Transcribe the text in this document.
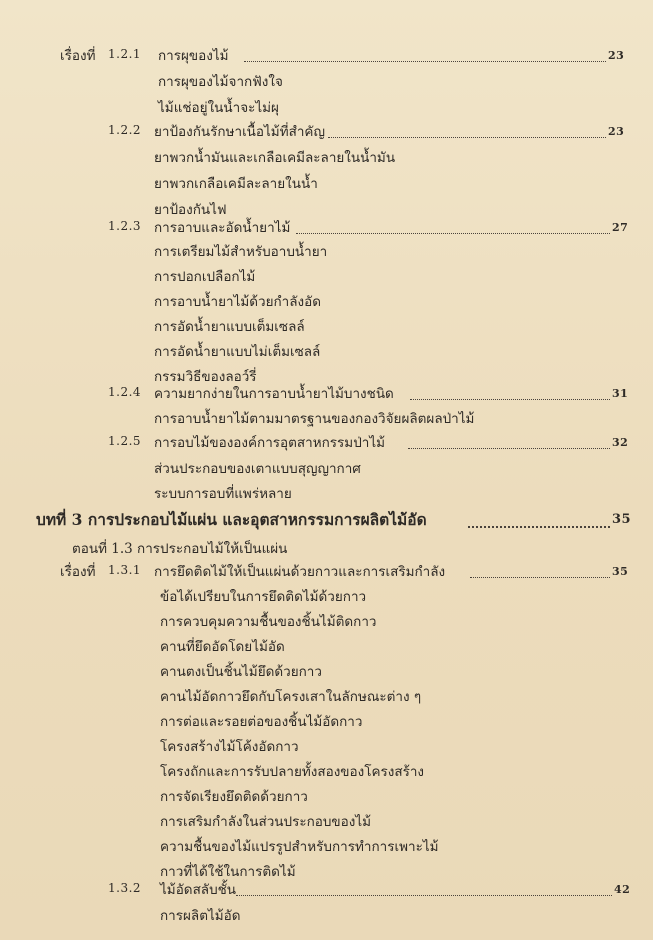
เรื่องที่ 1.2.1 การผุของไม้	23
การผุของไม้จากฟังใจ
ไม้แช่อยู่ในน้ำจะไม่ผุ
1.2.2 ยาป้องกันรักษาเนื้อไม้ที่สำคัญ	23
ยาพวกน้ำมันและเกลือเคมีละลายในน้ำมัน
ยาพวกเกลือเคมีละลายในน้ำ
ยาป้องกันไฟ
1.2.3 การอาบและอัดน้ำยาไม้	27
การเตรียมไม้สำหรับอาบน้ำยา
การปอกเปลือกไม้
การอาบน้ำยาไม้ด้วยกำลังอัด
การอัดน้ำยาแบบเต็มเซลล์
การอัดน้ำยาแบบไม่เต็มเซลล์
กรรมวิธีของลอว์รี่
1.2.4 ความยากง่ายในการอาบน้ำยาไม้บางชนิด	31
การอาบน้ำยาไม้ตามมาตรฐานของกองวิจัยผลิตผลป่าไม้
1.2.5 การอบไม้ขององค์การอุตสาหกรรมป่าไม้	32
ส่วนประกอบของเตาแบบสุญญากาศ
ระบบการอบที่แพร่หลาย
บทที่ 3 การประกอบไม้แผ่น และอุตสาหกรรมการผลิตไม้อัด	35
ตอนที่ 1.3 การประกอบไม้ให้เป็นแผ่น
เรื่องที่ 1.3.1 การยึดติดไม้ให้เป็นแผ่นด้วยกาวและการเสริมกำลัง	35
ข้อได้เปรียบในการยึดติดไม้ด้วยกาว
การควบคุมความชื้นของชิ้นไม้ติดกาว
คานที่ยึดอัดโดยไม้อัด
คานตงเป็นชิ้นไม้ยึดด้วยกาว
คานไม้อัดกาวยึดกับโครงเสาในลักษณะต่าง ๆ
การต่อและรอยต่อของชิ้นไม้อัดกาว
โครงสร้างไม้โค้งอัดกาว
โครงถักและการรับปลายทั้งสองของโครงสร้าง
การจัดเรียงยึดติดด้วยกาว
การเสริมกำลังในส่วนประกอบของไม้
ความชื้นของไม้แปรรูปสำหรับการทำการเพาะไม้
กาวที่ได้ใช้ในการติดไม้
1.3.2 ไม้อัดสลับชั้น	42
การผลิตไม้อัด
